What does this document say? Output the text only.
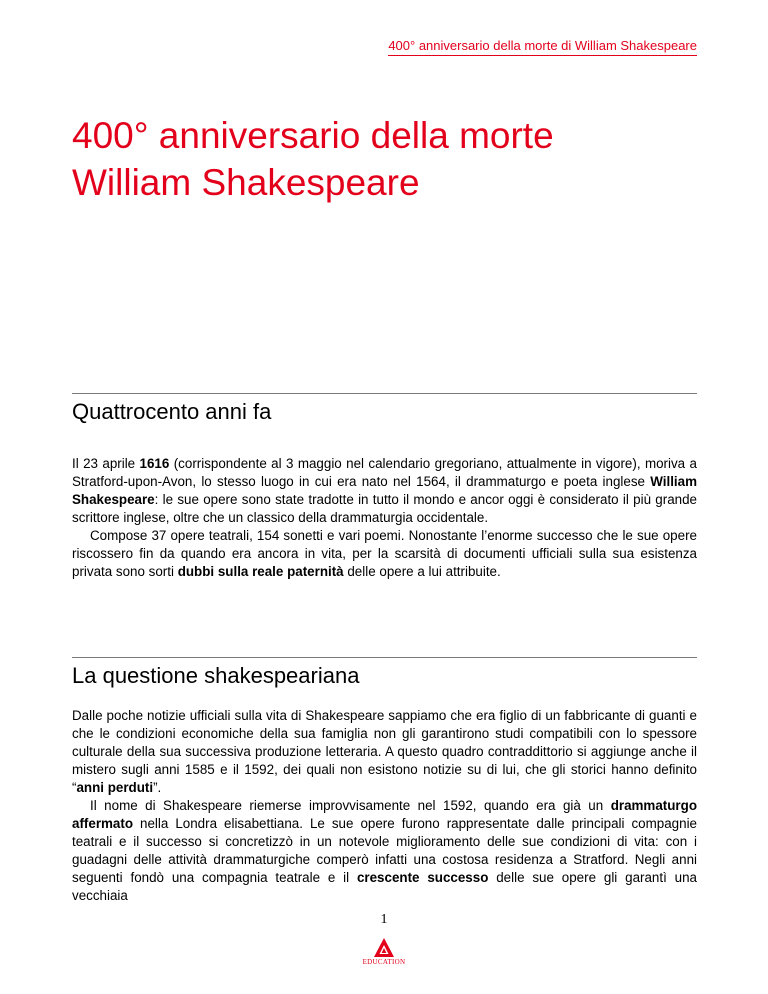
400° anniversario della morte di William Shakespeare
400° anniversario della morte
William Shakespeare
Quattrocento anni fa

Il 23 aprile 1616 (corrispondente al 3 maggio nel calendario gregoriano, attualmente in vigore), moriva a Stratford-upon-Avon, lo stesso luogo in cui era nato nel 1564, il drammaturgo e poeta inglese William Shakespeare: le sue opere sono state tradotte in tutto il mondo e ancor oggi è considerato il più grande scrittore inglese, oltre che un classico della drammaturgia occidentale.

Compose 37 opere teatrali, 154 sonetti e vari poemi. Nonostante l’enorme successo che le sue opere riscossero fin da quando era ancora in vita, per la scarsità di documenti ufficiali sulla sua esistenza privata sono sorti dubbi sulla reale paternità delle opere a lui attribuite.

La questione shakespeariana

Dalle poche notizie ufficiali sulla vita di Shakespeare sappiamo che era figlio di un fabbricante di guanti e che le condizioni economiche della sua famiglia non gli garantirono studi compatibili con lo spessore culturale della sua successiva produzione letteraria. A questo quadro contraddittorio si aggiunge anche il mistero sugli anni 1585 e il 1592, dei quali non esistono notizie su di lui, che gli storici hanno definito “anni perduti”.

Il nome di Shakespeare riemerse improvvisamente nel 1592, quando era già un drammaturgo affermato nella Londra elisabettiana. Le sue opere furono rappresentate dalle principali compagnie teatrali e il successo si concretizzò in un notevole miglioramento delle sue condizioni di vita: con i guadagni delle attività drammaturgiche comperò infatti una costosa residenza a Stratford. Negli anni seguenti fondò una compagnia teatrale e il crescente successo delle sue opere gli garantì una vecchiaia

1
EDUCATION
